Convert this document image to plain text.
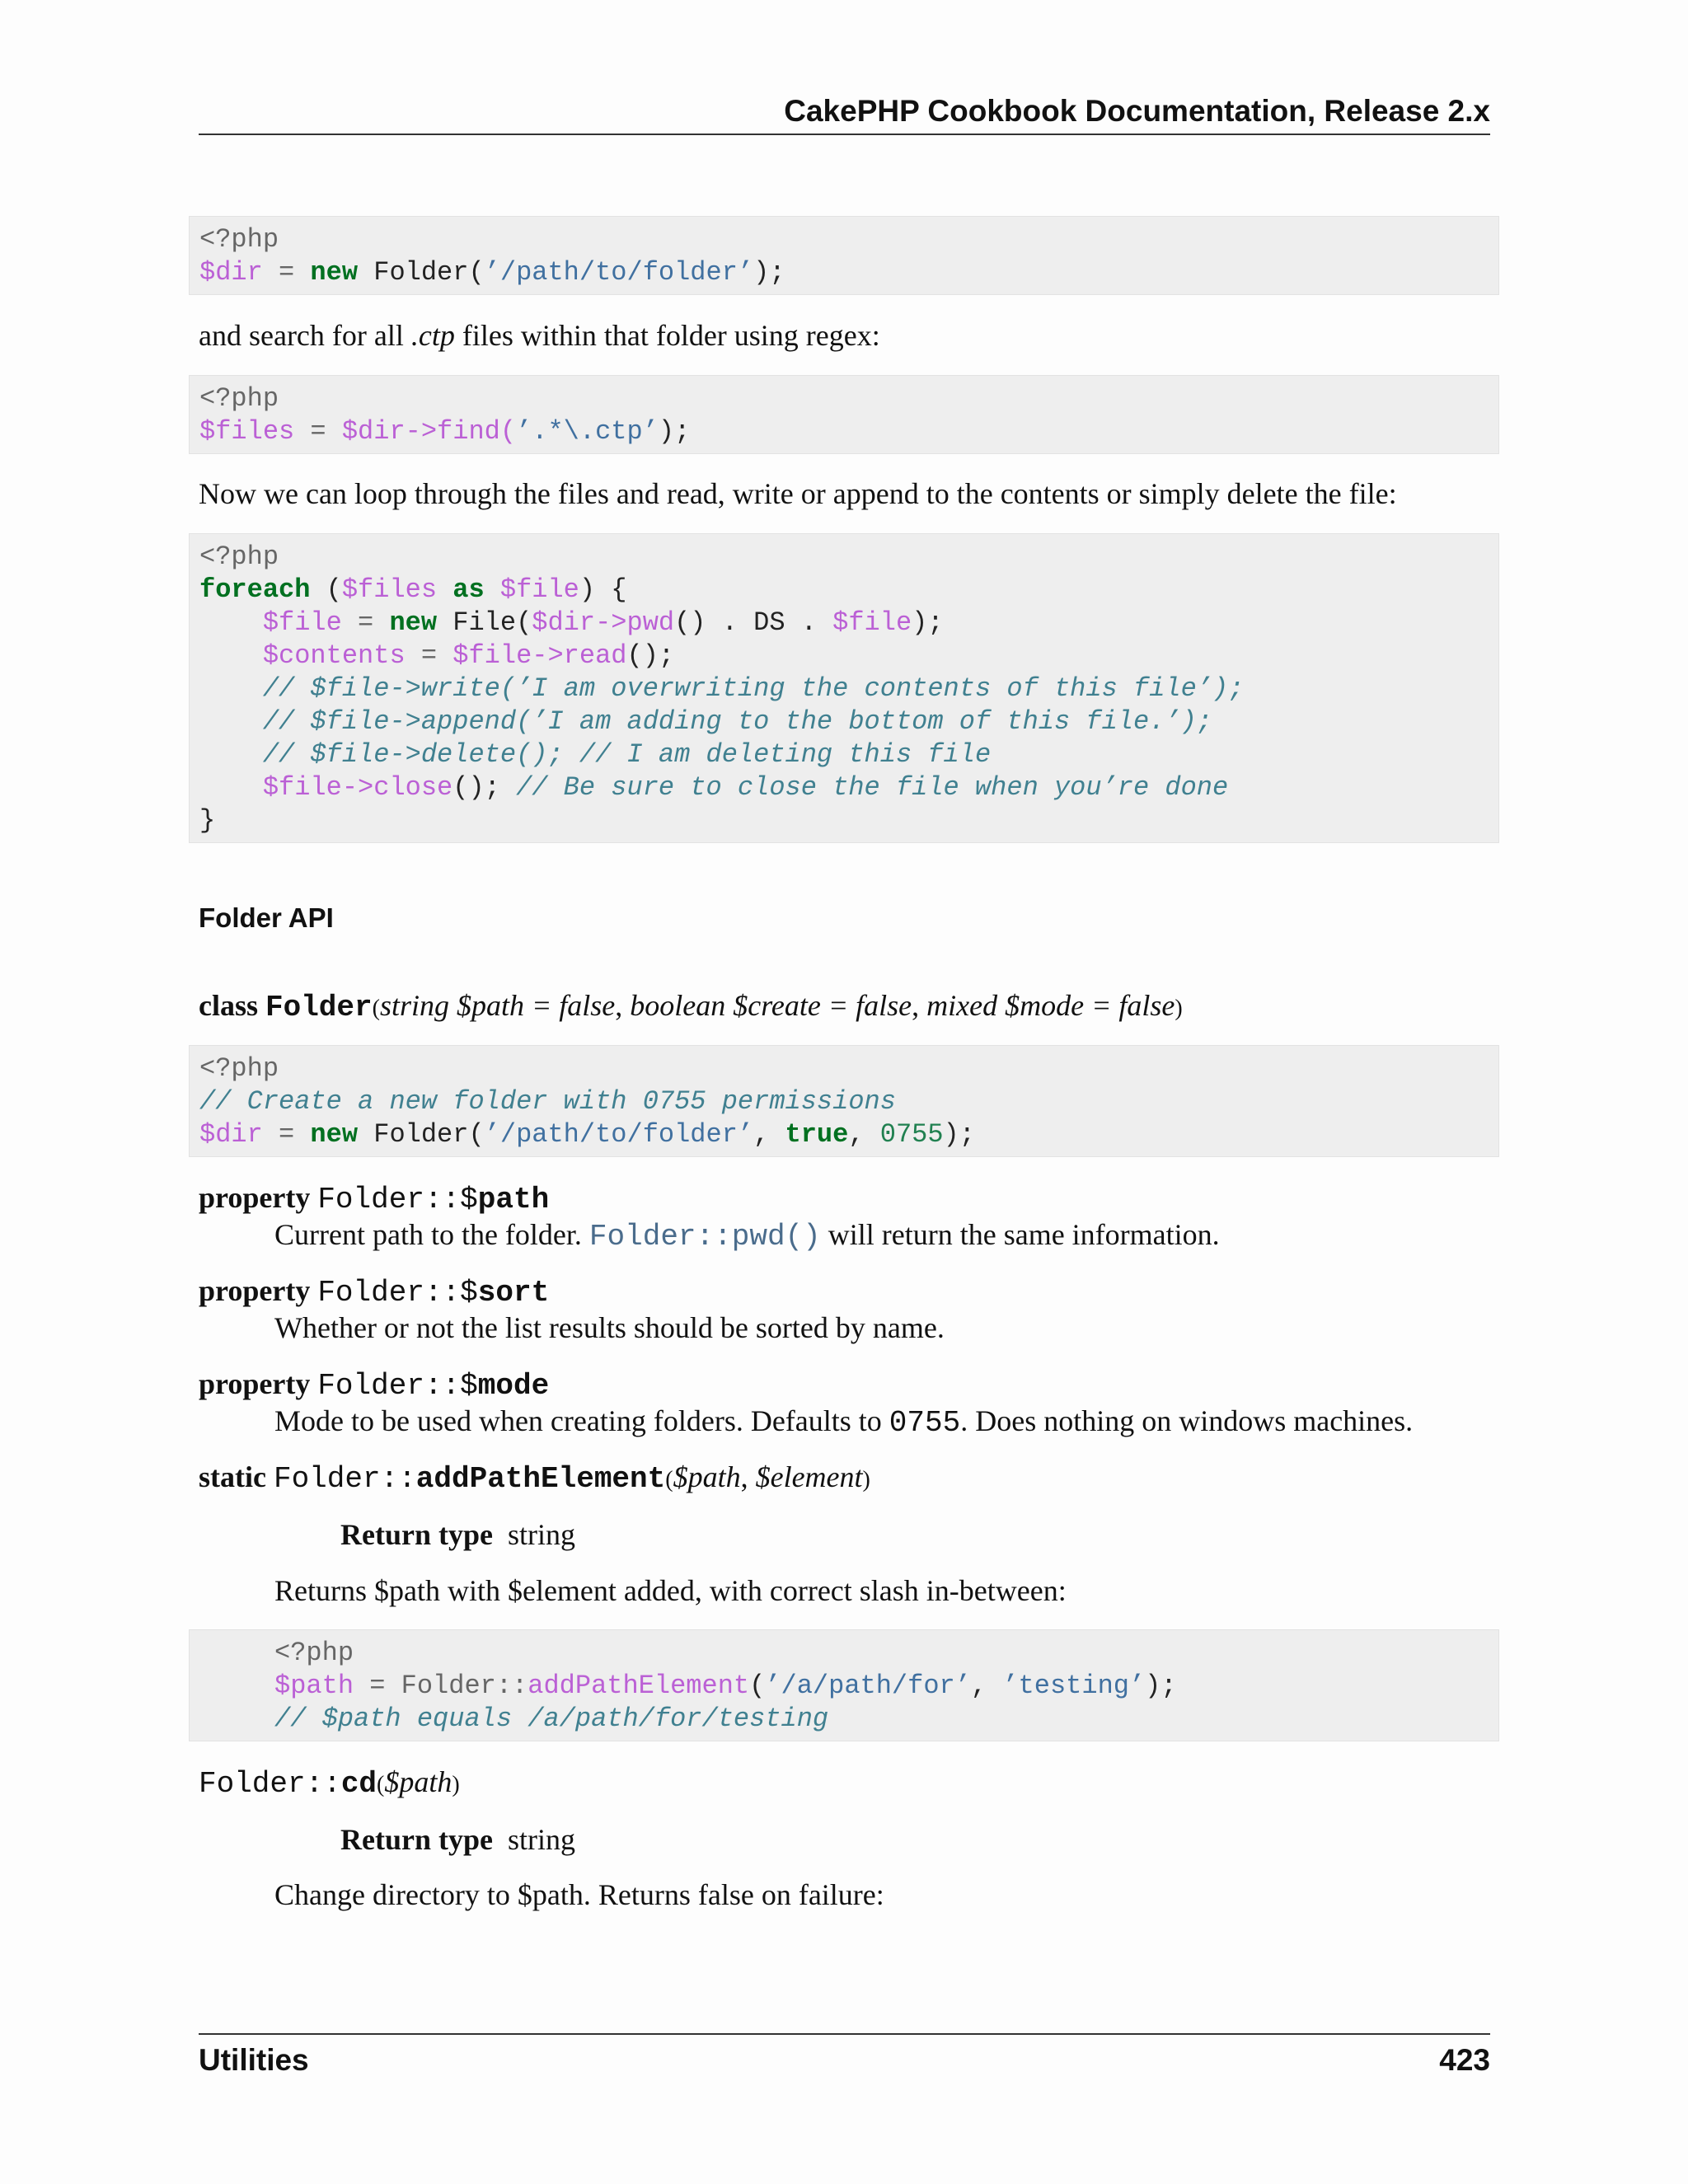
CakePHP Cookbook Documentation, Release 2.x
<?php
$dir = new Folder(’/path/to/folder’);
and search for all .ctp files within that folder using regex:
<?php
$files = $dir->find(’.*\.ctp’);
Now we can loop through the files and read, write or append to the contents or simply delete the file:
<?php
foreach ($files as $file) {
$file = new File($dir->pwd() . DS . $file);
$contents = $file->read();
// $file->write(’I am overwriting the contents of this file’);
// $file->append(’I am adding to the bottom of this file.’);
// $file->delete(); // I am deleting this file
$file->close(); // Be sure to close the file when you’re done
}
Folder API
class Folder(string $path = false, boolean $create = false, mixed $mode = false)
<?php
// Create a new folder with 0755 permissions
$dir = new Folder(’/path/to/folder’, true, 0755);
property Folder::$path
Current path to the folder. Folder::pwd() will return the same information.
property Folder::$sort
Whether or not the list results should be sorted by name.
property Folder::$mode
Mode to be used when creating folders. Defaults to 0755. Does nothing on windows machines.
static Folder::addPathElement($path, $element)
Return type string
Returns $path with $element added, with correct slash in-between:
<?php
$path = Folder::addPathElement(’/a/path/for’, ’testing’);
// $path equals /a/path/for/testing
Folder::cd($path)
Return type string
Change directory to $path. Returns false on failure:
Utilities	423
